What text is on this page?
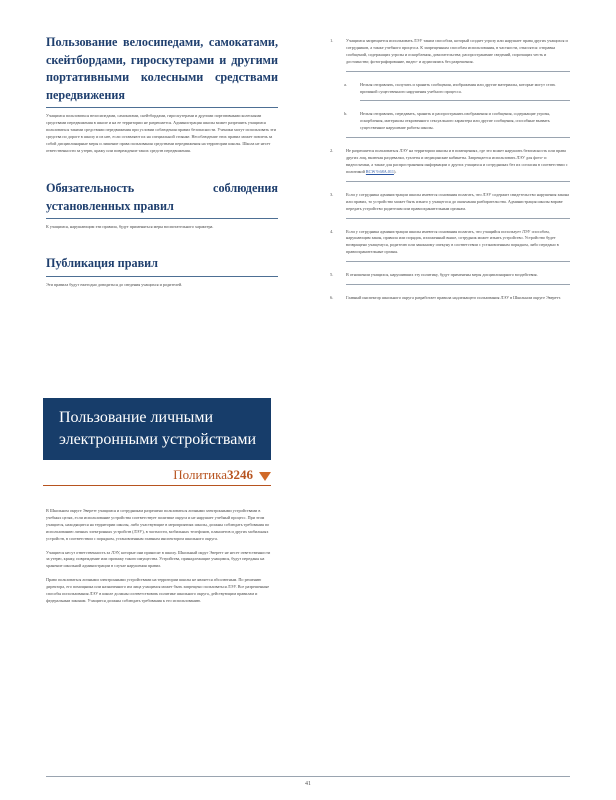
Пользование велосипедами, самокатами, скейтбордами, гироскутерами и другими портативными колесными средствами передвижения

Учащимся пользоваться велосипедами, самокатами, скейтбордами, гироскутерами и другими портативными колесными средствами передвижения в школе и на ее территории не разрешается. Администрация школы может разрешить учащимся пользоваться такими средствами передвижения при условии соблюдения правил безопасности. Ученики могут использовать эти средства по дороге в школу и из нее, если оставляют их на специальной стоянке. Несоблюдение этих правил может повлечь за собой дисциплинарные меры и лишение права пользования средствами передвижения на территории школы. Школа не несет ответственности за утерю, кражу или повреждение таких средств передвижения.

Обязательность соблюдения установленных правил

К учащимся, нарушающим эти правила, будут применяться меры воспитательного характера.

Публикация правил

Эти правила будут ежегодно доводиться до сведения учащихся и родителей.

Пользование личными
электронными устройствами
Политика3246

В Школьном округе Эверетт учащимся и сотрудникам разрешено пользоваться личными электронными устройствами в учебных целях, если использование устройства соответствует политике округа и не нарушает учебный процесс. При этом учащиеся, находящиеся на территории школы, либо участвующие в мероприятиях школы, должны соблюдать требования по использованию личных электронных устройств (ЛЭУ), в частности, мобильных телефонов, планшетов и других мобильных устройств, в соответствии с порядком, установленным главным инспектором школьного округа.

Учащиеся несут ответственность за ЛЭУ, которые они приносят в школу. Школьный округ Эверетт не несет ответственности за утерю, кражу, повреждение или пропажу такого имущества. Устройства, принадлежащие учащимся, будут переданы на хранение школьной администрации в случае нарушения правил.

Право пользоваться личными электронными устройствами на территории школы не является абсолютным. По решению директора, его помощника или назначенного им лица учащимся может быть запрещено пользоваться ЛЭУ. Все разрешенные способы использования ЛЭУ в школе должны соответствовать политике школьного округа, действующим правилам и федеральным законам. Учащиеся должны соблюдать требования к его использованию.

1.	Учащимся запрещается использовать ЛЭУ таким способом, который создает угрозу или нарушает права других учащихся и сотрудников, а также учебного процесса. К запрещенным способам использования, в частности, относятся: отправка сообщений, содержащих угрозы и оскорбления, домогательства; распространение сведений, порочащих честь и достоинство; фотографирование, видео- и аудиозапись без разрешения.

a.	Нельзя отправлять, получать и хранить сообщения, изображения или другие материалы, которые могут стать причиной существенного нарушения учебного процесса.

b.	Нельзя отправлять, передавать, хранить и распространять изображения и сообщения, содержащие угрозы, оскорбления, материалы откровенного сексуального характера или другие сообщения, способные вызвать существенное нарушение работы школы.

2.	Не разрешается пользоваться ЛЭУ на территории школы и в помещениях, где это может нарушить безопасность или права других лиц, включая раздевалки, туалеты и медицинские кабинеты. Запрещается использовать ЛЭУ для фото- и видеосъемки, а также для распространения информации о других учащихся и сотрудниках без их согласия в соответствии с политикой RCW 9.68A.011).

3.	Если у сотрудника администрации школы имеются основания полагать, что ЛЭУ содержит свидетельство нарушения закона или правил, то устройство может быть изъято у учащегося до окончания разбирательства. Администрация школы вправе передать устройство родителям или правоохранительным органам.

4.	Если у сотрудника администрации школы имеются основания полагать, что учащийся использует ЛЭУ способом, нарушающим закон, правила или порядок, изложенный выше, сотрудник может изъять устройство. Устройство будет возвращено учащемуся, родителю или законному опекуну в соответствии с установленным порядком, либо передано в правоохранительные органы.

5.	В отношении учащихся, нарушивших эту политику, будут применены меры дисциплинарного воздействия.

6.	Главный инспектор школьного округа разработает правила надлежащего пользования ЛЭУ в Школьном округе Эверетт.

41
